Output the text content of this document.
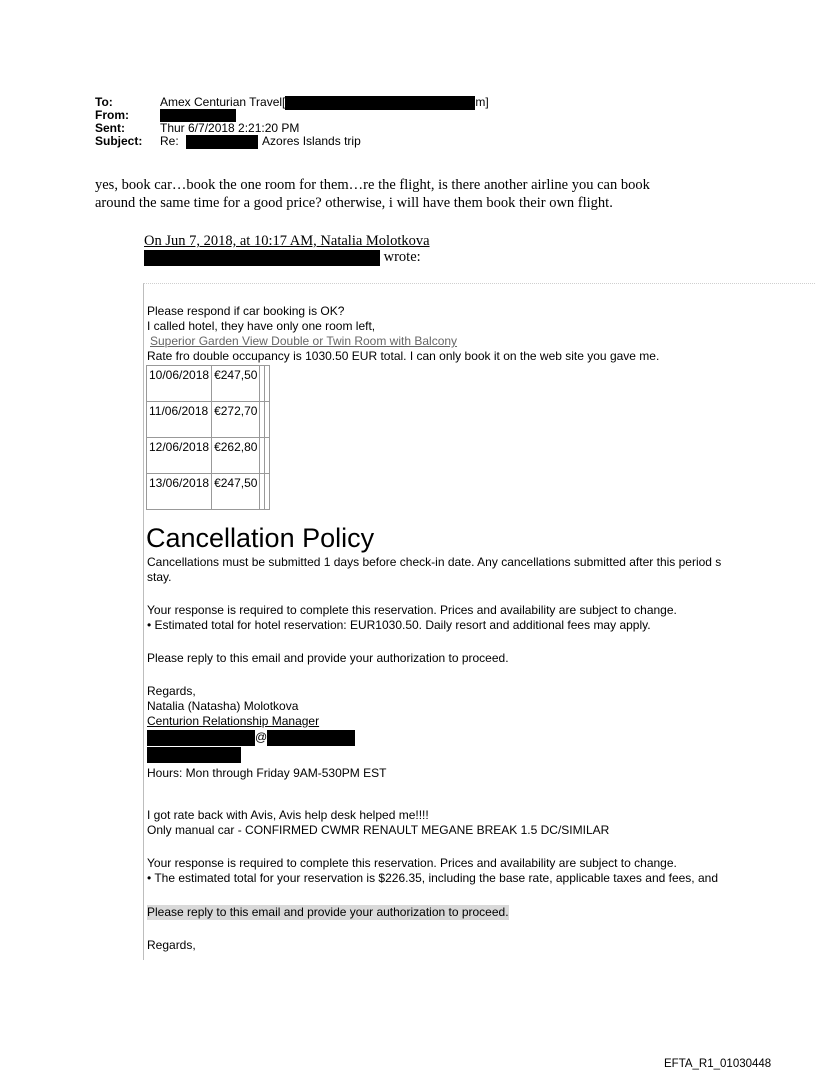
To:	Amex Centurian Travel[	m]
From:
Sent:	Thur 6/7/2018 2:21:20 PM
Subject: Re:	Azores Islands trip
yes, book car…book the one room for them…re the flight, is there another airline you can book
around the same time for a good price? otherwise, i will have them book their own flight.
On Jun 7, 2018, at 10:17 AM, Natalia Molotkova
wrote:
Please respond if car booking is OK?
I called hotel, they have only one room left,
Superior Garden View Double or Twin Room with Balcony
Rate fro double occupancy is 1030.50 EUR total. I can only book it on the web site you gave me.
10/06/2018	€247,50		
11/06/2018	€272,70		
12/06/2018	€262,80		
13/06/2018	€247,50		
Cancellation Policy
Cancellations must be submitted 1 days before check-in date. Any cancellations submitted after this period s
stay.
Your response is required to complete this reservation. Prices and availability are subject to change.
• Estimated total for hotel reservation: EUR1030.50. Daily resort and additional fees may apply.
Please reply to this email and provide your authorization to proceed.
Regards,
Natalia (Natasha) Molotkova
Centurion Relationship Manager
@
Hours: Mon through Friday 9AM-530PM EST
I got rate back with Avis, Avis help desk helped me!!!!
Only manual car - CONFIRMED CWMR RENAULT MEGANE BREAK 1.5 DC/SIMILAR
Your response is required to complete this reservation. Prices and availability are subject to change.
• The estimated total for your reservation is $226.35, including the base rate, applicable taxes and fees, and
Please reply to this email and provide your authorization to proceed.
Regards,
EFTA_R1_01030448
